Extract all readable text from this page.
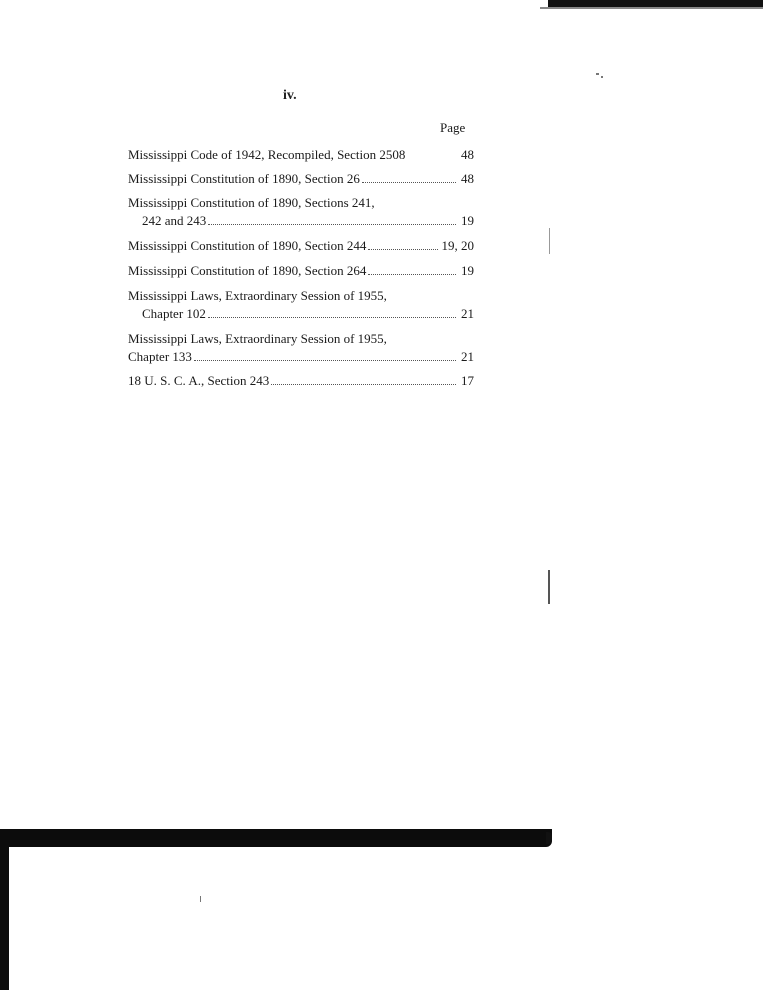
iv.
Page
Mississippi Code of 1942, Recompiled, Section 2508	48
Mississippi Constitution of 1890, Section 26	48
Mississippi Constitution of 1890, Sections 241,
242 and 243	19
Mississippi Constitution of 1890, Section 244	19, 20
Mississippi Constitution of 1890, Section 264	19
Mississippi Laws, Extraordinary Session of 1955,
Chapter 102	21
Mississippi Laws, Extraordinary Session of 1955,
Chapter 133	21
18 U. S. C. A., Section 243	17
